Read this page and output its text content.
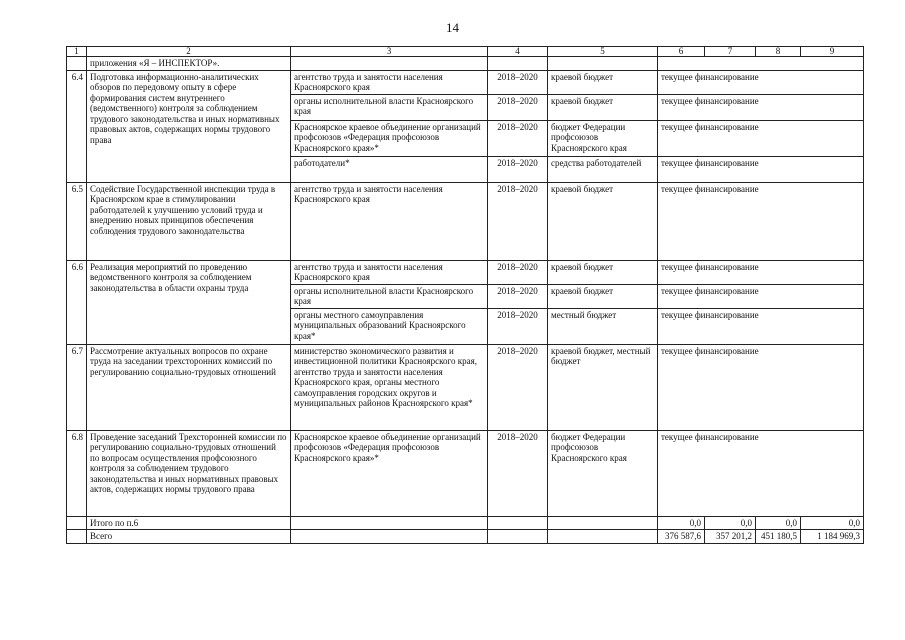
14
1	2	3	4	5	6	7	8	9
	приложения «Я – ИНСПЕКТОР».							
6.4	Подготовка информационно-аналитических обзоров по передовому опыту в сфере формирования систем внутреннего (ведомственного) контроля за соблюдением трудового законодательства и иных нормативных правовых актов, содержащих нормы трудового права	агентство труда и занятости населения Красноярского края	2018–2020	краевой бюджет	текущее финансирование			
		органы исполнительной власти Красноярского края	2018–2020	краевой бюджет	текущее финансирование			
		Красноярское краевое объединение организаций профсоюзов «Федерация профсоюзов Красноярского края»*	2018–2020	бюджет Федерации профсоюзов Красноярского края	текущее финансирование			
		работодатели*	2018–2020	средства работодателей	текущее финансирование			
6.5	Содействие Государственной инспекции труда в Красноярском крае в стимулировании работодателей к улучшению условий труда и внедрению новых принципов обеспечения соблюдения трудового законодательства	агентство труда и занятости населения Красноярского края	2018–2020	краевой бюджет	текущее финансирование			
6.6	Реализация мероприятий по проведению ведомственного контроля за соблюдением законодательства в области охраны труда	агентство труда и занятости населения Красноярского края	2018–2020	краевой бюджет	текущее финансирование			
		органы исполнительной власти Красноярского края	2018–2020	краевой бюджет	текущее финансирование			
		органы местного самоуправления муниципальных образований Красноярского края*	2018–2020	местный бюджет	текущее финансирование			
6.7	Рассмотрение актуальных вопросов по охране труда на заседании трехсторонних комиссий по регулированию социально-трудовых отношений	министерство экономического развития и инвестиционной политики Красноярского края, агентство труда и занятости населения Красноярского края, органы местного самоуправления городских округов и муниципальных районов Красноярского края*	2018–2020	краевой бюджет, местный бюджет	текущее финансирование			
6.8	Проведение заседаний Трехсторонней комиссии по регулированию социально-трудовых отношений по вопросам осуществления профсоюзного контроля за соблюдением трудового законодательства и иных нормативных правовых актов, содержащих нормы трудового права	Красноярское краевое объединение организаций профсоюзов «Федерация профсоюзов Красноярского края»*	2018–2020	бюджет Федерации профсоюзов Красноярского края	текущее финансирование			
	Итого по п.6				0,0	0,0	0,0	0,0
	Всего				376 587,6	357 201,2	451 180,5	1 184 969,3
